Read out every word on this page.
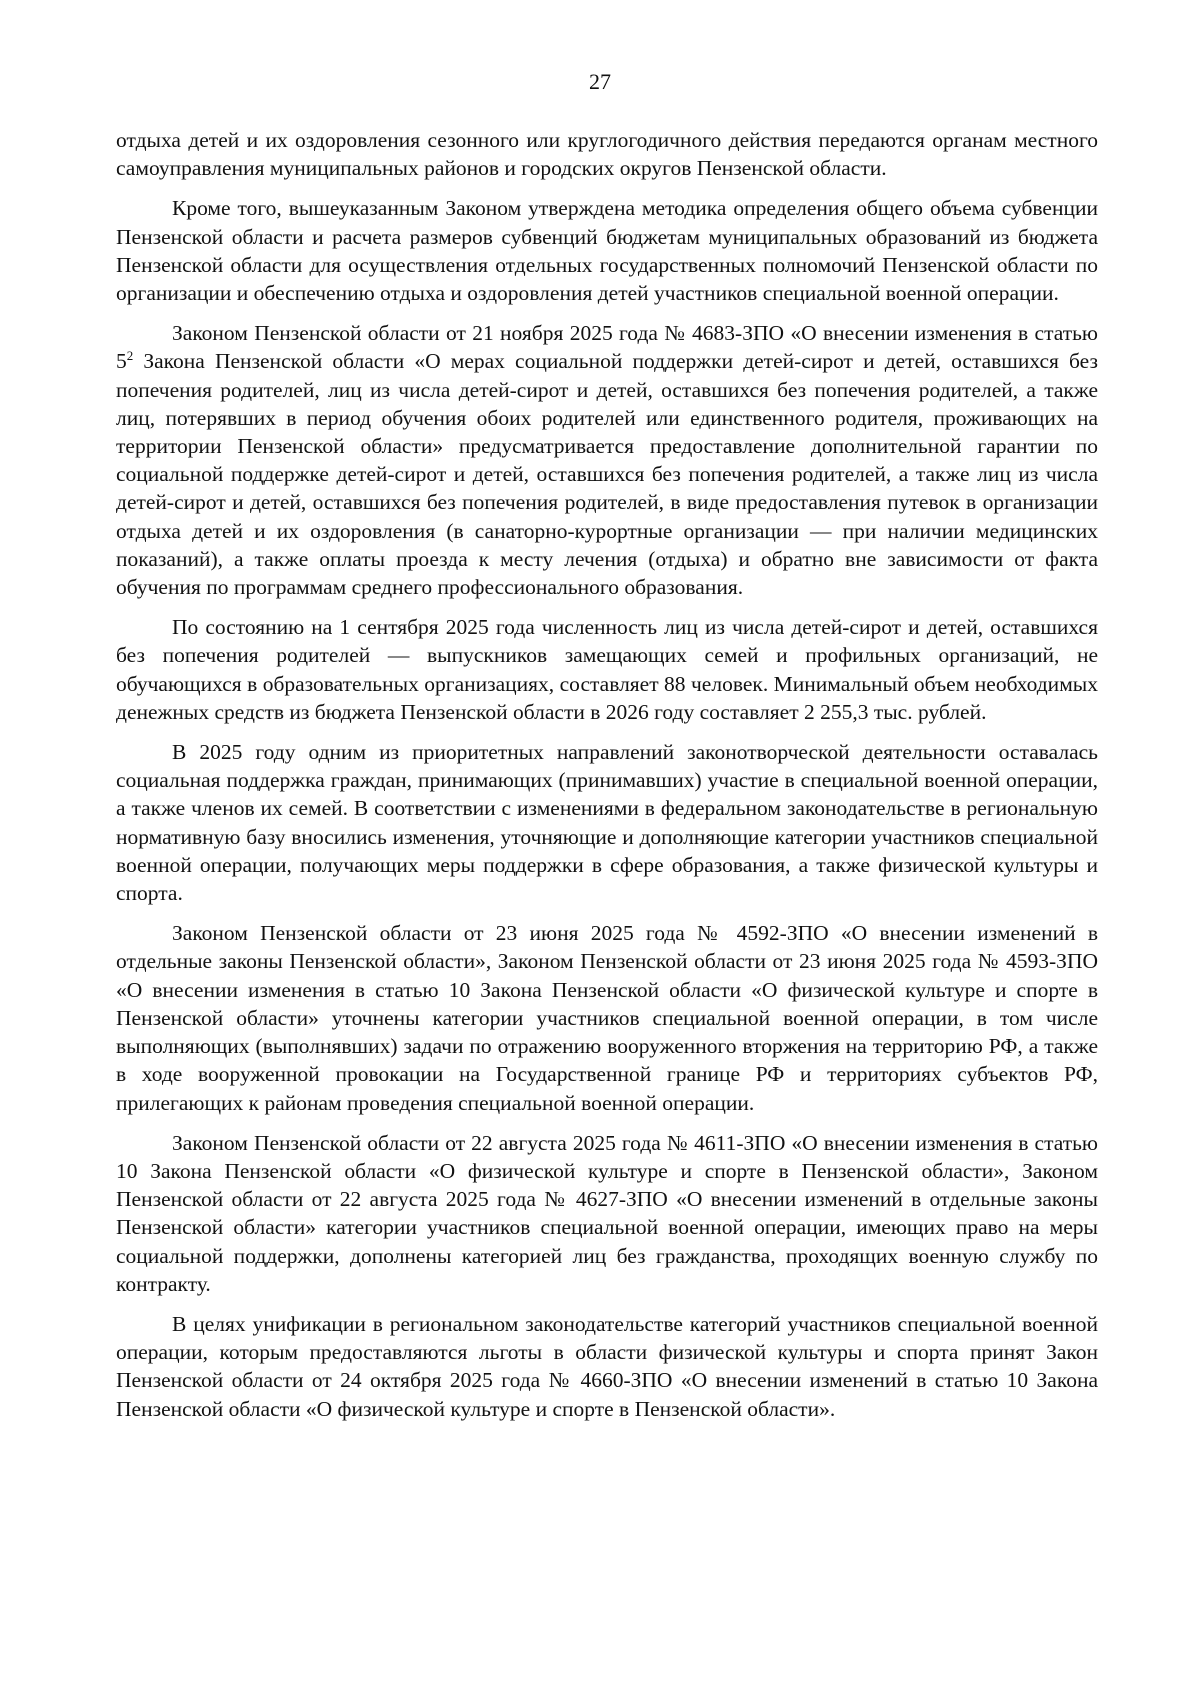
27

отдыха детей и их оздоровления сезонного или круглогодичного действия передаются органам местного самоуправления муниципальных районов и городских округов Пензенской области.

Кроме того, вышеуказанным Законом утверждена методика определения общего объема субвенции Пензенской области и расчета размеров субвенций бюджетам муниципальных образований из бюджета Пензенской области для осуществления отдельных государственных полномочий Пензенской области по организации и обеспечению отдыха и оздоровления детей участников специальной военной операции.

Законом Пензенской области от 21 ноября 2025 года № 4683-ЗПО «О внесении изменения в статью $5^2$ Закона Пензенской области «О мерах социальной поддержки детей-сирот и детей, оставшихся без попечения родителей, лиц из числа детей-сирот и детей, оставшихся без попечения родителей, а также лиц, потерявших в период обучения обоих родителей или единственного родителя, проживающих на территории Пензенской области» предусматривается предоставление дополнительной гарантии по социальной поддержке детей-сирот и детей, оставшихся без попечения родителей, а также лиц из числа детей-сирот и детей, оставшихся без попечения родителей, в виде предоставления путевок в организации отдыха детей и их оздоровления (в санаторно-курортные организации — при наличии медицинских показаний), а также оплаты проезда к месту лечения (отдыха) и обратно вне зависимости от факта обучения по программам среднего профессионального образования.

По состоянию на 1 сентября 2025 года численность лиц из числа детей-сирот и детей, оставшихся без попечения родителей — выпускников замещающих семей и профильных организаций, не обучающихся в образовательных организациях, составляет 88 человек. Минимальный объем необходимых денежных средств из бюджета Пензенской области в 2026 году составляет 2 255,3 тыс. рублей.

В 2025 году одним из приоритетных направлений законотворческой деятельности оставалась социальная поддержка граждан, принимающих (принимавших) участие в специальной военной операции, а также членов их семей. В соответствии с изменениями в федеральном законодательстве в региональную нормативную базу вносились изменения, уточняющие и дополняющие категории участников специальной военной операции, получающих меры поддержки в сфере образования, а также физической культуры и спорта.

Законом Пензенской области от 23 июня 2025 года № 4592-ЗПО «О внесении изменений в отдельные законы Пензенской области», Законом Пензенской области от 23 июня 2025 года № 4593-ЗПО «О внесении изменения в статью 10 Закона Пензенской области «О физической культуре и спорте в Пензенской области» уточнены категории участников специальной военной операции, в том числе выполняющих (выполнявших) задачи по отражению вооруженного вторжения на территорию РФ, а также в ходе вооруженной провокации на Государственной границе РФ и территориях субъектов РФ, прилегающих к районам проведения специальной военной операции.

Законом Пензенской области от 22 августа 2025 года № 4611-ЗПО «О внесении изменения в статью 10 Закона Пензенской области «О физической культуре и спорте в Пензенской области», Законом Пензенской области от 22 августа 2025 года № 4627-ЗПО «О внесении изменений в отдельные законы Пензенской области» категории участников специальной военной операции, имеющих право на меры социальной поддержки, дополнены категорией лиц без гражданства, проходящих военную службу по контракту.

В целях унификации в региональном законодательстве категорий участников специальной военной операции, которым предоставляются льготы в области физической культуры и спорта принят Закон Пензенской области от 24 октября 2025 года № 4660-ЗПО «О внесении изменений в статью 10 Закона Пензенской области «О физической культуре и спорте в Пензенской области».
